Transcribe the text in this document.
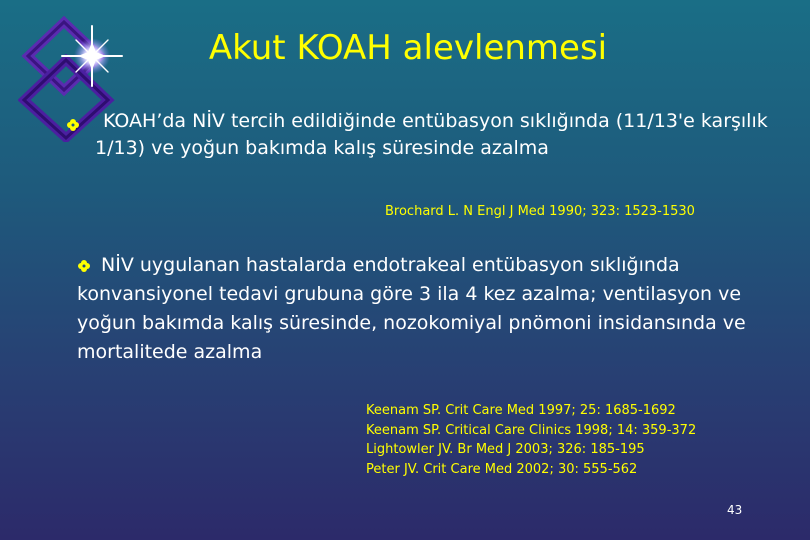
Akut KOAH alevlenmesi
KOAH’da NİV tercih edildiğinde entübasyon sıklığında (11/13'e karşılık 1/13) ve yoğun bakımda kalış süresinde azalma
Brochard L. N Engl J Med 1990; 323: 1523-1530
NİV uygulanan hastalarda endotrakeal entübasyon sıklığında konvansiyonel tedavi grubuna göre 3 ila 4 kez azalma; ventilasyon ve yoğun bakımda kalış süresinde, nozokomiyal pnömoni insidansında ve mortalitede azalma
Keenam SP. Crit Care Med 1997; 25: 1685-1692
Keenam SP. Critical Care Clinics 1998; 14: 359-372
Lightowler JV. Br Med J 2003; 326: 185-195
Peter JV. Crit Care Med 2002; 30: 555-562
43
